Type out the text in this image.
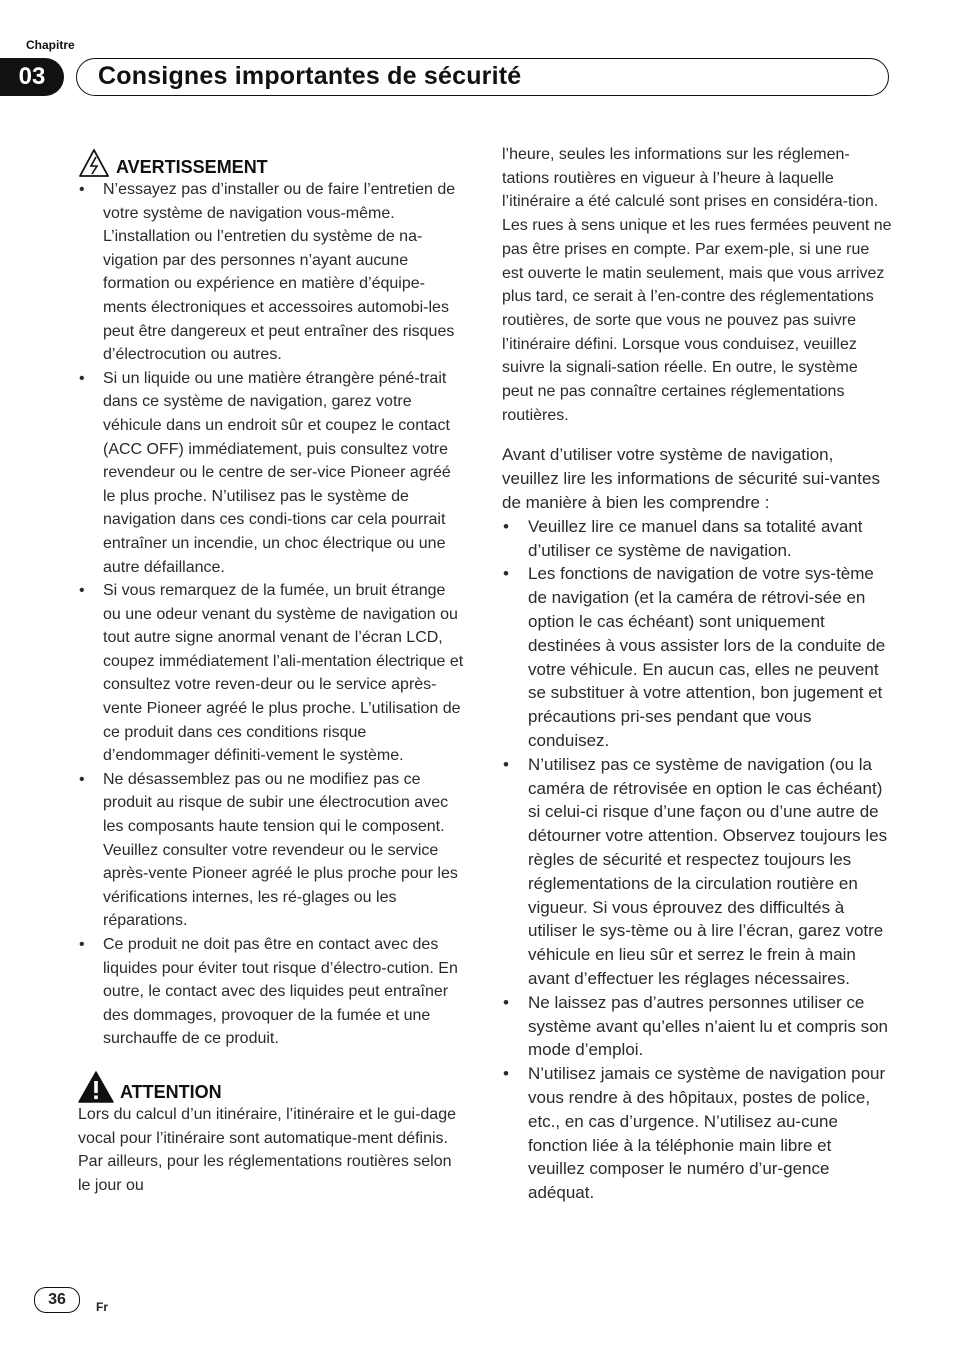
Chapitre
03	Consignes importantes de sécurité
AVERTISSEMENT
• N’essayez pas d’installer ou de faire l’entretien de votre système de navigation vous-même. L’installation ou l’entretien du système de na-vigation par des personnes n’ayant aucune formation ou expérience en matière d’équipe-ments électroniques et accessoires automobi-les peut être dangereux et peut entraîner des risques d’électrocution ou autres.
• Si un liquide ou une matière étrangère péné-trait dans ce système de navigation, garez votre véhicule dans un endroit sûr et coupez le contact (ACC OFF) immédiatement, puis consultez votre revendeur ou le centre de ser-vice Pioneer agréé le plus proche. N’utilisez pas le système de navigation dans ces condi-tions car cela pourrait entraîner un incendie, un choc électrique ou une autre défaillance.
• Si vous remarquez de la fumée, un bruit étrange ou une odeur venant du système de navigation ou tout autre signe anormal venant de l’écran LCD, coupez immédiatement l’ali-mentation électrique et consultez votre reven-deur ou le service après-vente Pioneer agréé le plus proche. L’utilisation de ce produit dans ces conditions risque d’endommager définiti-vement le système.
• Ne désassemblez pas ou ne modifiez pas ce produit au risque de subir une électrocution avec les composants haute tension qui le composent. Veuillez consulter votre revendeur ou le service après-vente Pioneer agréé le plus proche pour les vérifications internes, les ré-glages ou les réparations.
• Ce produit ne doit pas être en contact avec des liquides pour éviter tout risque d’électro-cution. En outre, le contact avec des liquides peut entraîner des dommages, provoquer de la fumée et une surchauffe de ce produit.
ATTENTION

Lors du calcul d’un itinéraire, l’itinéraire et le gui-dage vocal pour l’itinéraire sont automatique-ment définis. Par ailleurs, pour les réglementations routières selon le jour ou

l’heure, seules les informations sur les réglemen-tations routières en vigueur à l’heure à laquelle l’itinéraire a été calculé sont prises en considéra-tion. Les rues à sens unique et les rues fermées peuvent ne pas être prises en compte. Par exem-ple, si une rue est ouverte le matin seulement, mais que vous arrivez plus tard, ce serait à l’en-contre des réglementations routières, de sorte que vous ne pouvez pas suivre l’itinéraire défini. Lorsque vous conduisez, veuillez suivre la signali-sation réelle. En outre, le système peut ne pas connaître certaines réglementations routières.

Avant d’utiliser votre système de navigation, veuillez lire les informations de sécurité sui-vantes de manière à bien les comprendre :

• Veuillez lire ce manuel dans sa totalité avant d’utiliser ce système de navigation.
• Les fonctions de navigation de votre sys-tème de navigation (et la caméra de rétrovi-sée en option le cas échéant) sont uniquement destinées à vous assister lors de la conduite de votre véhicule. En aucun cas, elles ne peuvent se substituer à votre attention, bon jugement et précautions pri-ses pendant que vous conduisez.
• N’utilisez pas ce système de navigation (ou la caméra de rétrovisée en option le cas échéant) si celui-ci risque d’une façon ou d’une autre de détourner votre attention. Observez toujours les règles de sécurité et respectez toujours les réglementations de la circulation routière en vigueur. Si vous éprouvez des difficultés à utiliser le sys-tème ou à lire l’écran, garez votre véhicule en lieu sûr et serrez le frein à main avant d’effectuer les réglages nécessaires.
• Ne laissez pas d’autres personnes utiliser ce système avant qu’elles n’aient lu et compris son mode d’emploi.
• N’utilisez jamais ce système de navigation pour vous rendre à des hôpitaux, postes de police, etc., en cas d’urgence. N’utilisez au-cune fonction liée à la téléphonie main libre et veuillez composer le numéro d’ur-gence adéquat.
36	Fr
